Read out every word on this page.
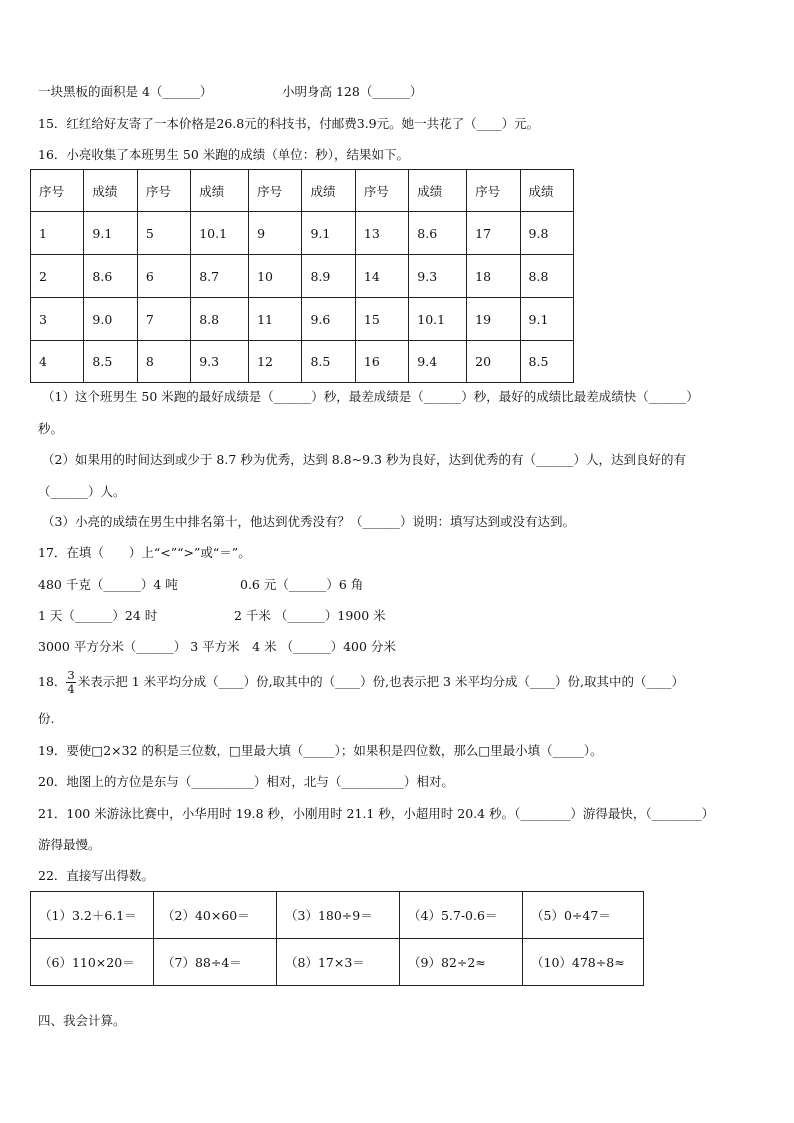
一块黑板的面积是 4（______）	小明身高 128（______）
15．红红给好友寄了一本价格是26.8元的科技书，付邮费3.9元。她一共花了（____）元。
16．小亮收集了本班男生 50 米跑的成绩（单位：秒），结果如下。
序号	成绩	序号	成绩	序号	成绩	序号	成绩	序号	成绩
1	9.1	5	10.1	9	9.1	13	8.6	17	9.8
2	8.6	6	8.7	10	8.9	14	9.3	18	8.8
3	9.0	7	8.8	11	9.6	15	10.1	19	9.1
4	8.5	8	9.3	12	8.5	16	9.4	20	8.5
（1）这个班男生 50 米跑的最好成绩是（______）秒，最差成绩是（______）秒，最好的成绩比最差成绩快（______）
秒。
（2）如果用的时间达到或少于 8.7 秒为优秀，达到 8.8~9.3 秒为良好，达到优秀的有（______）人，达到良好的有
（______）人。
（3）小亮的成绩在男生中排名第十，他达到优秀没有？（______）说明：填写达到或没有达到。
17．在填（　　）上“<”“>”或“＝”。
480 千克（______）4 吨	0.6 元（______）6 角
1 天（______）24 时	2 千米 （______）1900 米
3000 平方分米（______） 3 平方米　4 米 （______）400 分米
18． $\frac{3}{4}$ 米表示把 1 米平均分成（____）份,取其中的（____）份,也表示把 3 米平均分成（____）份,取其中的（____）
份.
19．要使□2×32 的积是三位数，□里最大填（_____）；如果积是四位数，那么□里最小填（_____）。
20．地图上的方位是东与（__________）相对，北与（__________）相对。
21．100 米游泳比赛中，小华用时 19.8 秒，小刚用时 21.1 秒，小超用时 20.4 秒。（________）游得最快，（________）
游得最慢。
22．直接写出得数。
（1）3.2＋6.1＝	（2）40×60＝	（3）180÷9＝	（4）5.7-0.6＝	（5）0÷47＝
（6）110×20＝	（7）88÷4＝	（8）17×3＝	（9）82÷2≈	（10）478÷8≈
四、我会计算。
